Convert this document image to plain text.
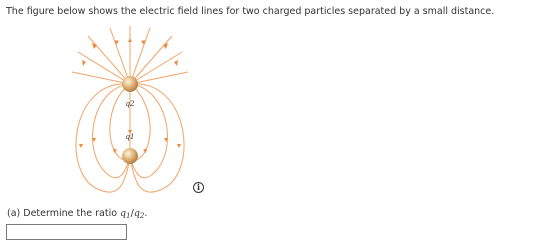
The figure below shows the electric field lines for two charged particles separated by a small distance.
q2
q1
i
(a) Determine the ratio $q_1/q_2$.
